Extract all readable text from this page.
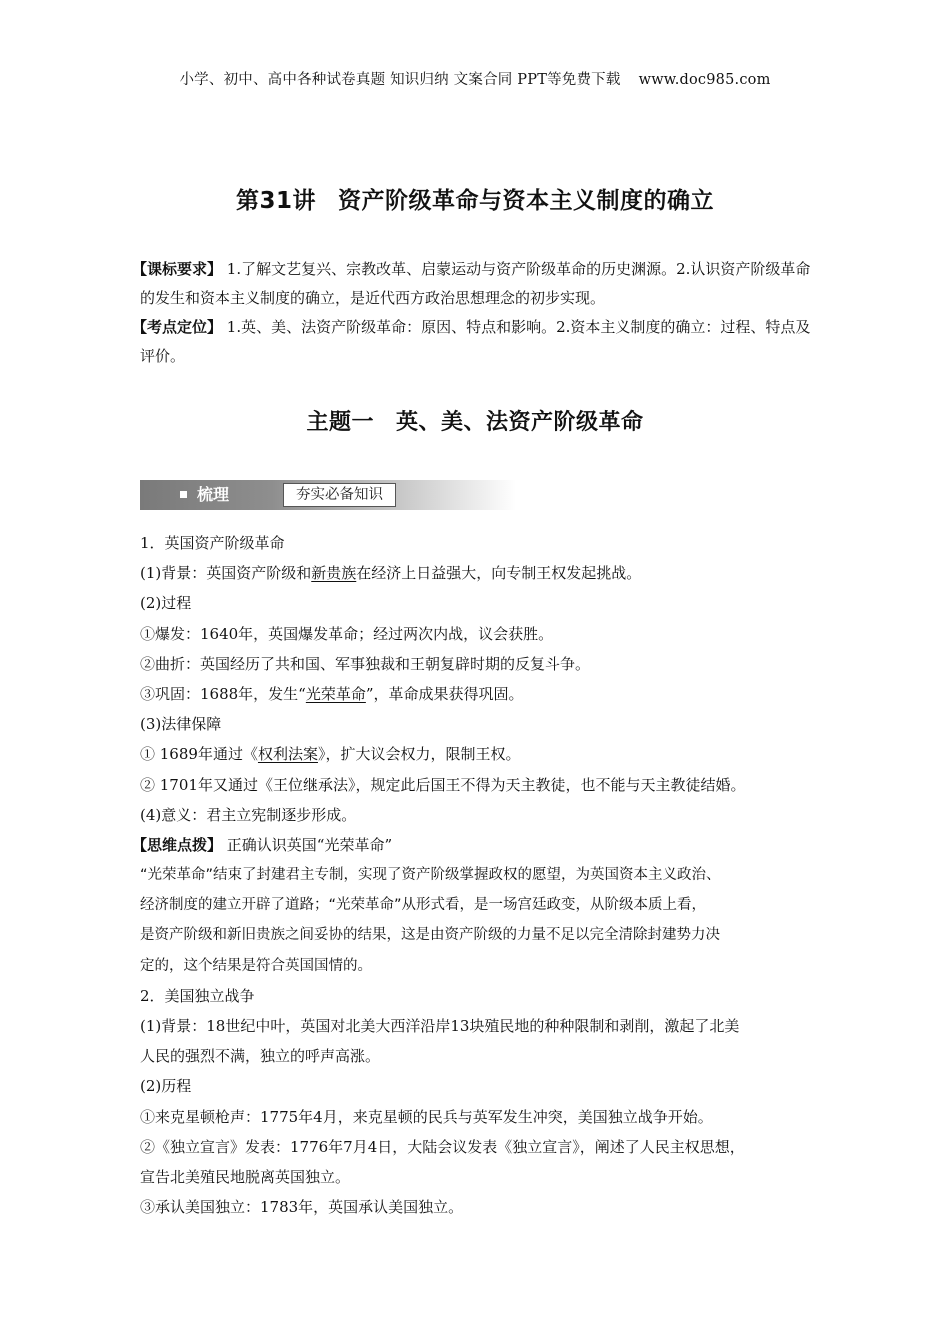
小学、初中、高中各种试卷真题 知识归纳 文案合同 PPT等免费下载 www.doc985.com
第31讲 资产阶级革命与资本主义制度的确立
【课标要求】 1.了解文艺复兴、宗教改革、启蒙运动与资产阶级革命的历史渊源。2.认识资产阶级革命的发生和资本主义制度的确立，是近代西方政治思想理念的初步实现。
【考点定位】 1.英、美、法资产阶级革命：原因、特点和影响。2.资本主义制度的确立：过程、特点及评价。
主题一 英、美、法资产阶级革命
梳理	夯实必备知识
1．英国资产阶级革命
(1)背景：英国资产阶级和新贵族在经济上日益强大，向专制王权发起挑战。
(2)过程
①爆发：1640年，英国爆发革命；经过两次内战，议会获胜。
②曲折：英国经历了共和国、军事独裁和王朝复辟时期的反复斗争。
③巩固：1688年，发生“光荣革命”，革命成果获得巩固。
(3)法律保障
① 1689年通过《权利法案》，扩大议会权力，限制王权。
② 1701年又通过《王位继承法》，规定此后国王不得为天主教徒，也不能与天主教徒结婚。
(4)意义：君主立宪制逐步形成。
【思维点拨】 正确认识英国“光荣革命”
“光荣革命”结束了封建君主专制，实现了资产阶级掌握政权的愿望，为英国资本主义政治、
经济制度的建立开辟了道路；“光荣革命”从形式看，是一场宫廷政变，从阶级本质上看，
是资产阶级和新旧贵族之间妥协的结果，这是由资产阶级的力量不足以完全清除封建势力决
定的，这个结果是符合英国国情的。
2．美国独立战争
(1)背景：18世纪中叶，英国对北美大西洋沿岸13块殖民地的种种限制和剥削，激起了北美
人民的强烈不满，独立的呼声高涨。
(2)历程
①来克星顿枪声：1775年4月，来克星顿的民兵与英军发生冲突，美国独立战争开始。
②《独立宣言》发表：1776年7月4日，大陆会议发表《独立宣言》，阐述了人民主权思想，
宣告北美殖民地脱离英国独立。
③承认美国独立：1783年，英国承认美国独立。
